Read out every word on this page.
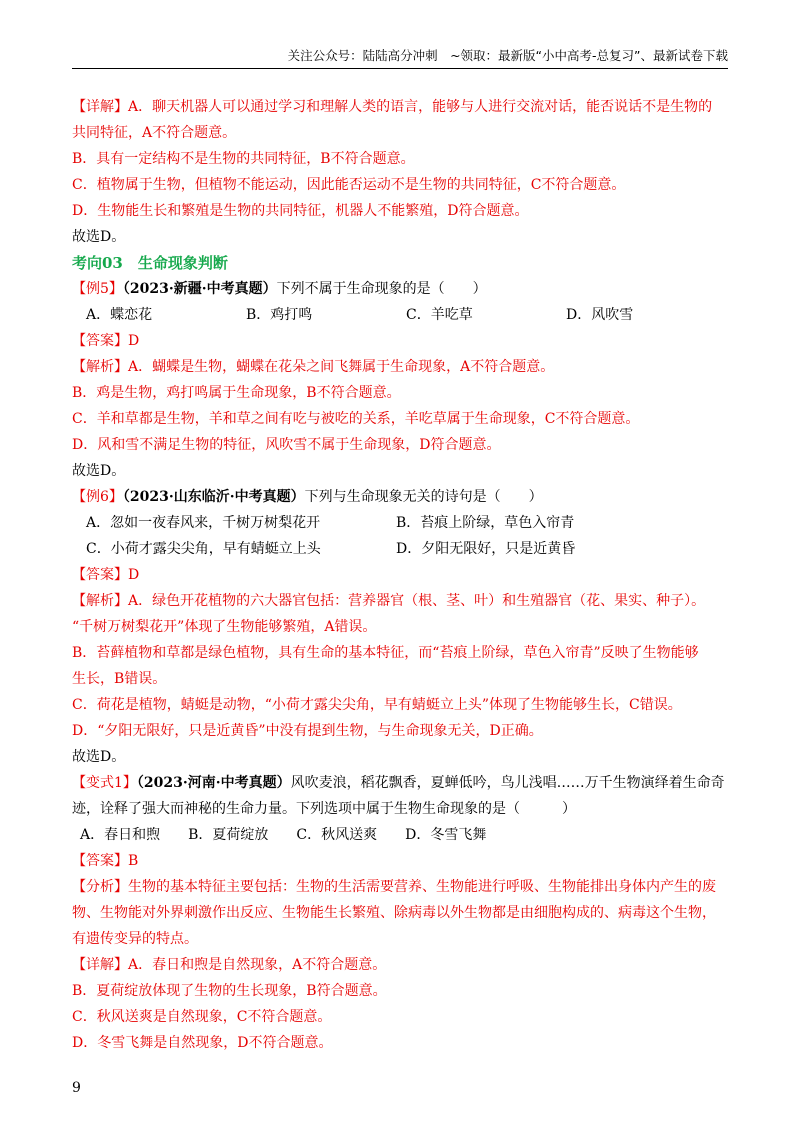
关注公众号：陆陆高分冲刺　~领取：最新版“小中高考-总复习”、最新试卷下载
【详解】A．聊天机器人可以通过学习和理解人类的语言，能够与人进行交流对话，能否说话不是生物的
共同特征，A不符合题意。
B．具有一定结构不是生物的共同特征，B不符合题意。
C．植物属于生物，但植物不能运动，因此能否运动不是生物的共同特征，C不符合题意。
D．生物能生长和繁殖是生物的共同特征，机器人不能繁殖，D符合题意。
故选D。
考向03　生命现象判断
【例5】（2023·新疆·中考真题）下列不属于生命现象的是（　　）
A．蝶恋花	B．鸡打鸣	C．羊吃草	D．风吹雪
【答案】D
【解析】A．蝴蝶是生物，蝴蝶在花朵之间飞舞属于生命现象，A不符合题意。
B．鸡是生物，鸡打鸣属于生命现象，B不符合题意。
C．羊和草都是生物，羊和草之间有吃与被吃的关系，羊吃草属于生命现象，C不符合题意。
D．风和雪不满足生物的特征，风吹雪不属于生命现象，D符合题意。
故选D。
【例6】（2023·山东临沂·中考真题）下列与生命现象无关的诗句是（　　）
A．忽如一夜春风来，千树万树梨花开	B．苔痕上阶绿，草色入帘青
C．小荷才露尖尖角，早有蜻蜓立上头	D．夕阳无限好，只是近黄昏
【答案】D
【解析】A．绿色开花植物的六大器官包括：营养器官（根、茎、叶）和生殖器官（花、果实、种子）。
“千树万树梨花开”体现了生物能够繁殖，A错误。
B．苔藓植物和草都是绿色植物，具有生命的基本特征，而“苔痕上阶绿，草色入帘青”反映了生物能够
生长，B错误。
C．荷花是植物，蜻蜓是动物，“小荷才露尖尖角，早有蜻蜓立上头”体现了生物能够生长，C错误。
D．“夕阳无限好，只是近黄昏”中没有提到生物，与生命现象无关，D正确。
故选D。
【变式1】（2023·河南·中考真题）风吹麦浪，稻花飘香，夏蝉低吟，鸟儿浅唱……万千生物演绎着生命奇
迹，诠释了强大而神秘的生命力量。下列选项中属于生物生命现象的是（　　　）
A．春日和煦 B．夏荷绽放 C．秋风送爽 D．冬雪飞舞
【答案】B
【分析】生物的基本特征主要包括：生物的生活需要营养、生物能进行呼吸、生物能排出身体内产生的废
物、生物能对外界刺激作出反应、生物能生长繁殖、除病毒以外生物都是由细胞构成的、病毒这个生物，
有遗传变异的特点。
【详解】A．春日和煦是自然现象，A不符合题意。
B．夏荷绽放体现了生物的生长现象，B符合题意。
C．秋风送爽是自然现象，C不符合题意。
D．冬雪飞舞是自然现象，D不符合题意。
9
